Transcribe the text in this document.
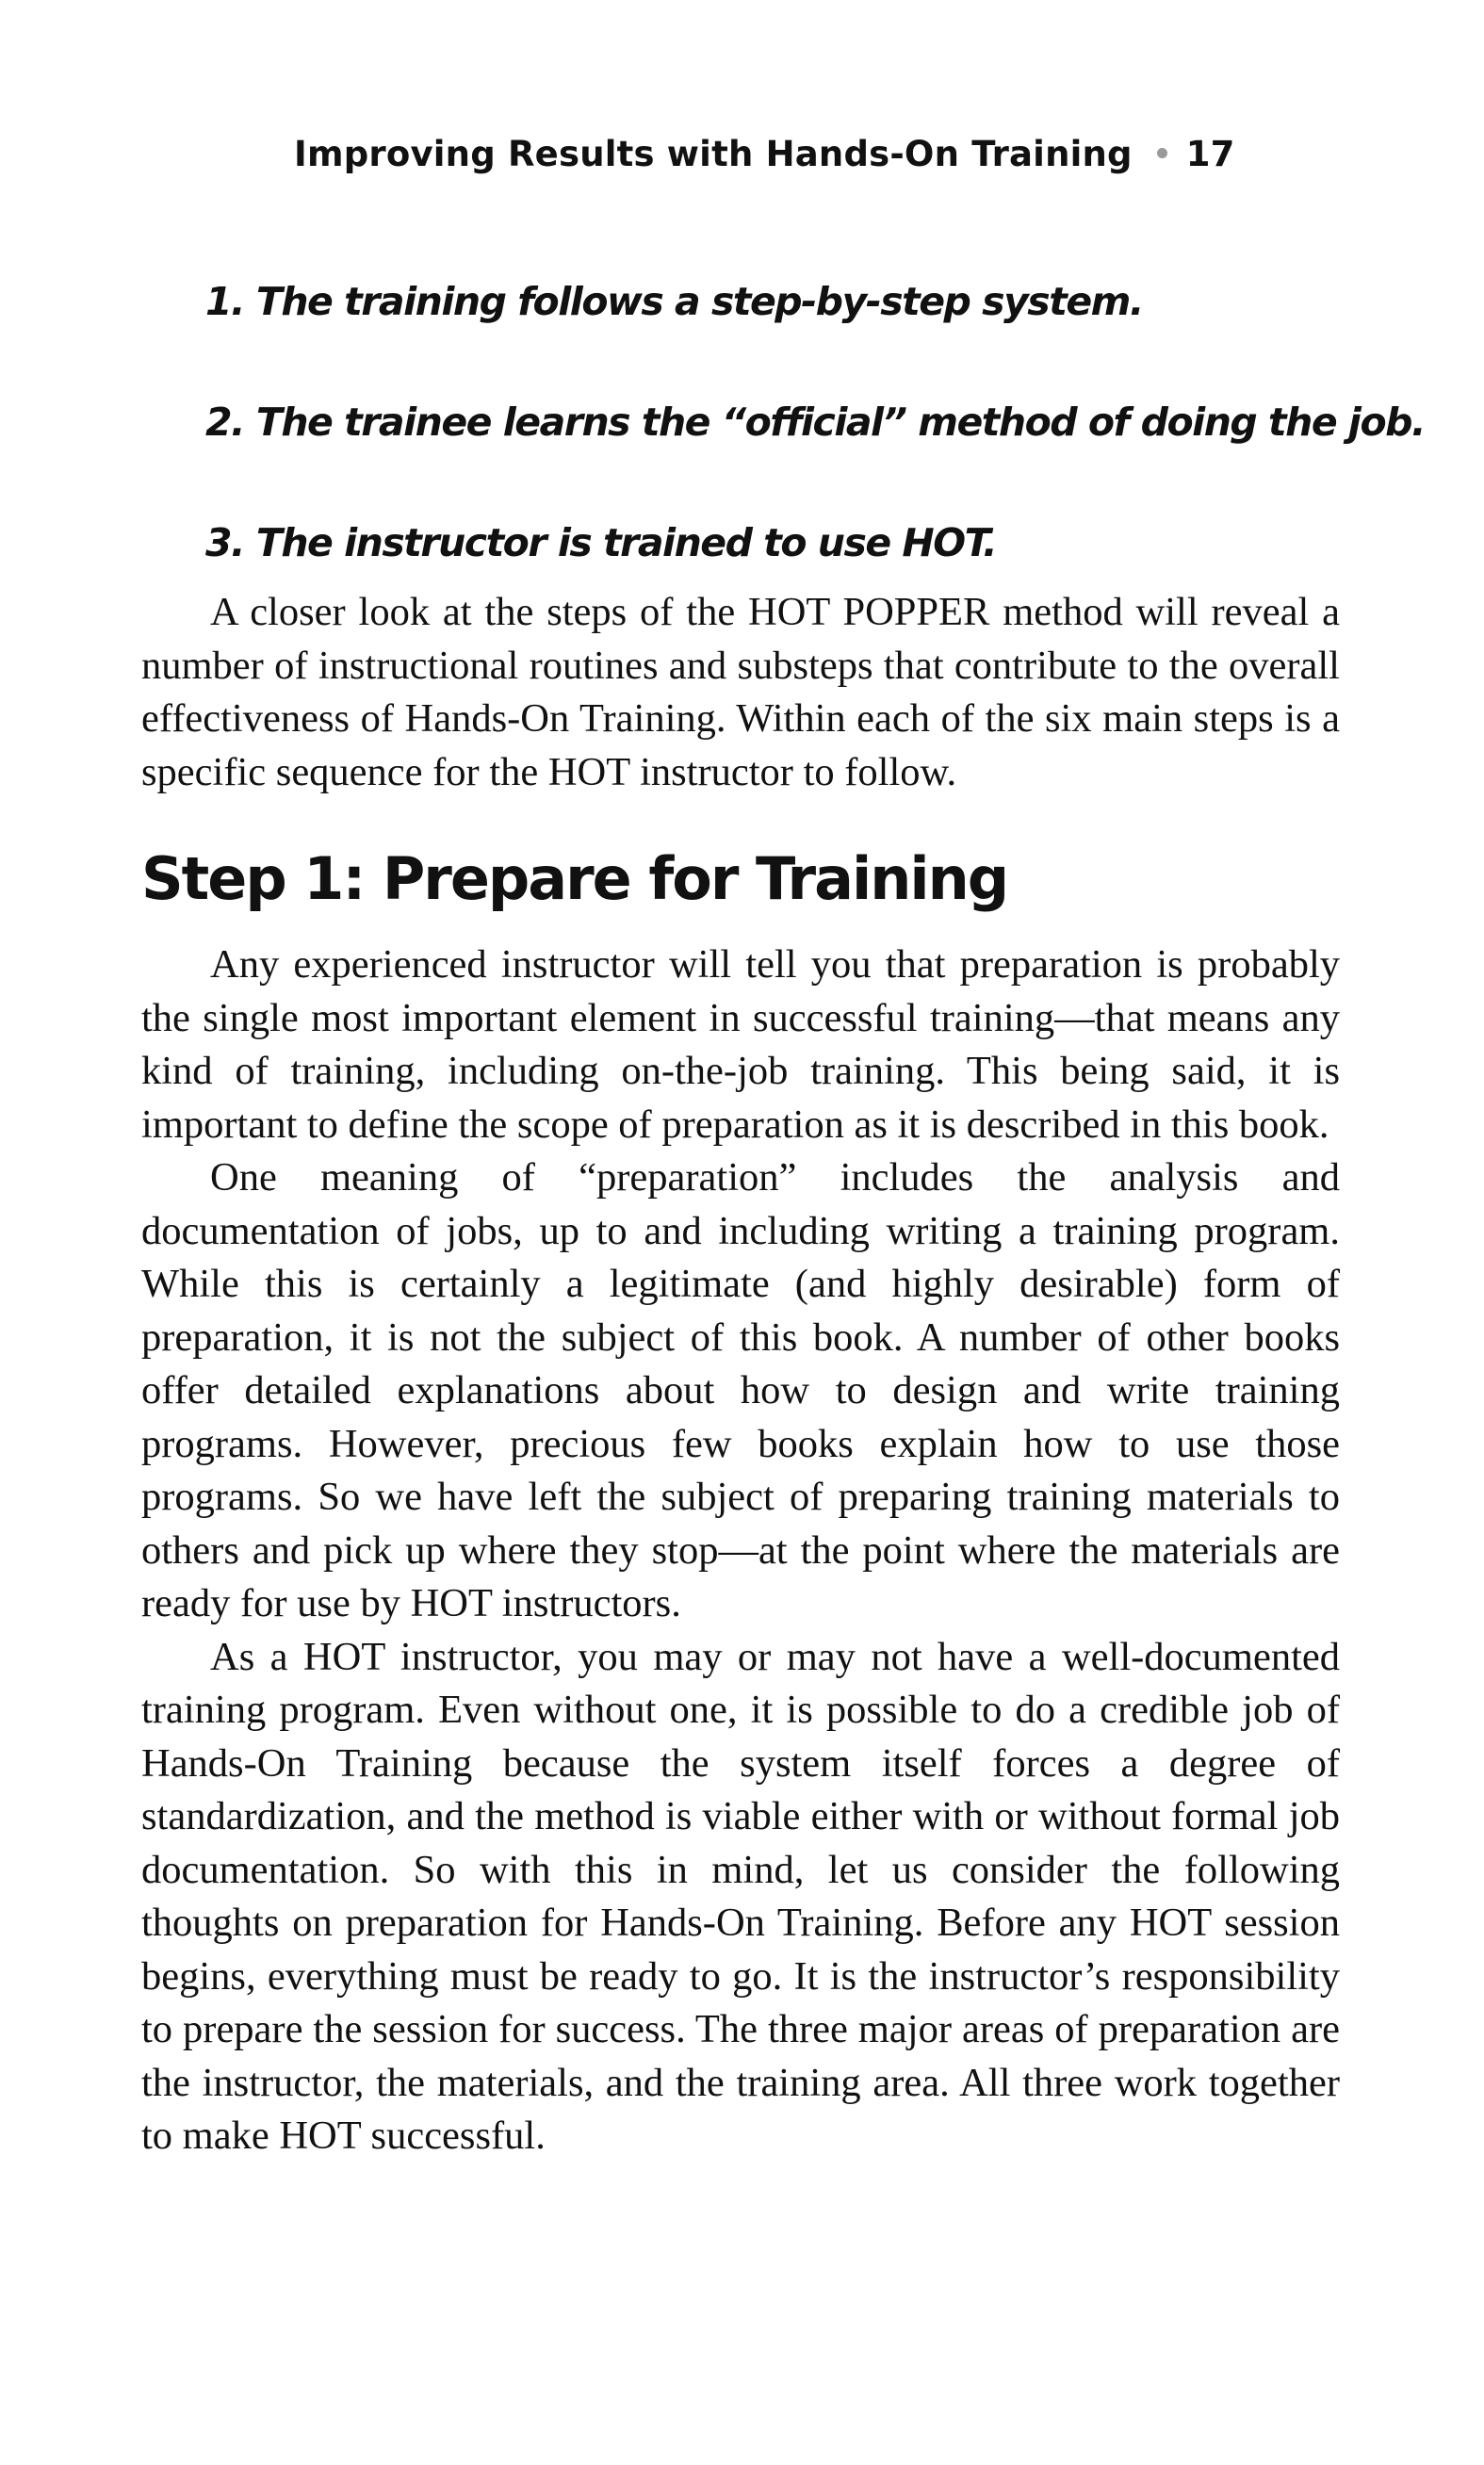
Improving Results with Hands-On Training 17
1. The training follows a step-by-step system.
2. The trainee learns the “official” method of doing the job.
3. The instructor is trained to use HOT.

A closer look at the steps of the HOT POPPER method will reveal a number of instructional routines and substeps that contribute to the overall effectiveness of Hands-On Training. Within each of the six main steps is a specific sequence for the HOT instructor to follow.

Step 1: Prepare for Training

Any experienced instructor will tell you that preparation is probably the single most important element in successful training—that means any kind of training, including on-the-job training. This being said, it is important to define the scope of preparation as it is described in this book.

One meaning of “preparation” includes the analysis and documentation of jobs, up to and including writing a training program. While this is certainly a legitimate (and highly desirable) form of preparation, it is not the subject of this book. A number of other books offer detailed explanations about how to design and write training programs. However, precious few books explain how to use those programs. So we have left the subject of preparing training materials to others and pick up where they stop—at the point where the materials are ready for use by HOT instructors.

As a HOT instructor, you may or may not have a well-documented training program. Even without one, it is possible to do a credible job of Hands-On Training because the system itself forces a degree of standardization, and the method is viable either with or without formal job documentation. So with this in mind, let us consider the following thoughts on preparation for Hands-On Training. Before any HOT session begins, everything must be ready to go. It is the instructor’s responsibility to prepare the session for success. The three major areas of preparation are the instructor, the materials, and the training area. All three work together to make HOT successful.
